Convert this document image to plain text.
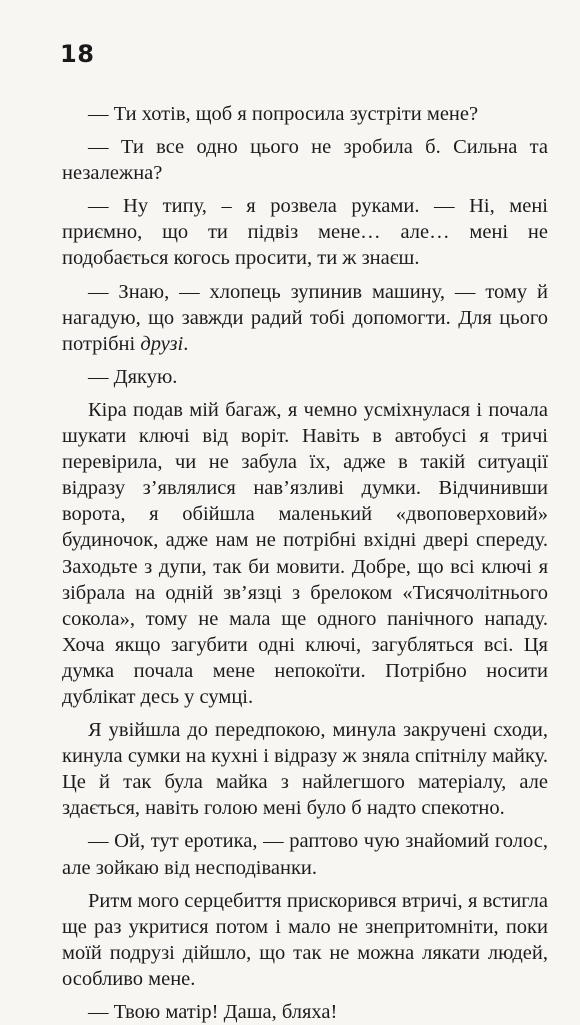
18

— Ти хотів, щоб я попросила зустріти мене?

— Ти все одно цього не зробила б. Сильна та незалежна?

— Ну типу, – я розвела руками. — Ні, мені приємно, що ти підвіз мене… але… мені не подобається когось просити, ти ж знаєш.

— Знаю, — хлопець зупинив машину, — тому й нагадую, що завжди радий тобі допомогти. Для цього потрібні друзі.

— Дякую.

Кіра подав мій багаж, я чемно усміхнулася і почала шукати ключі від воріт. Навіть в автобусі я тричі перевірила, чи не забула їх, адже в такій ситуації відразу з’являлися нав’язливі думки. Відчинивши ворота, я обійшла маленький «двоповерховий» будиночок, адже нам не потрібні вхідні двері спереду. Заходьте з дупи, так би мовити. Добре, що всі ключі я зібрала на одній зв’язці з брелоком «Тисячолітнього сокола», тому не мала ще одного панічного нападу. Хоча якщо загубити одні ключі, загубляться всі. Ця думка почала мене непокоїти. Потрібно носити дублікат десь у сумці.

Я увійшла до передпокою, минула закручені сходи, кинула сумки на кухні і відразу ж зняла спітнілу майку. Це й так була майка з найлегшого матеріалу, але здається, навіть голою мені було б надто спекотно.

— Ой, тут еротика, — раптово чую знайомий голос, але зойкаю від несподіванки.

Ритм мого серцебиття прискорився втричі, я встигла ще раз укритися потом і мало не знепритомніти, поки моїй подрузі дійшло, що так не можна лякати людей, особливо мене.

— Твою матір! Даша, бляха!
